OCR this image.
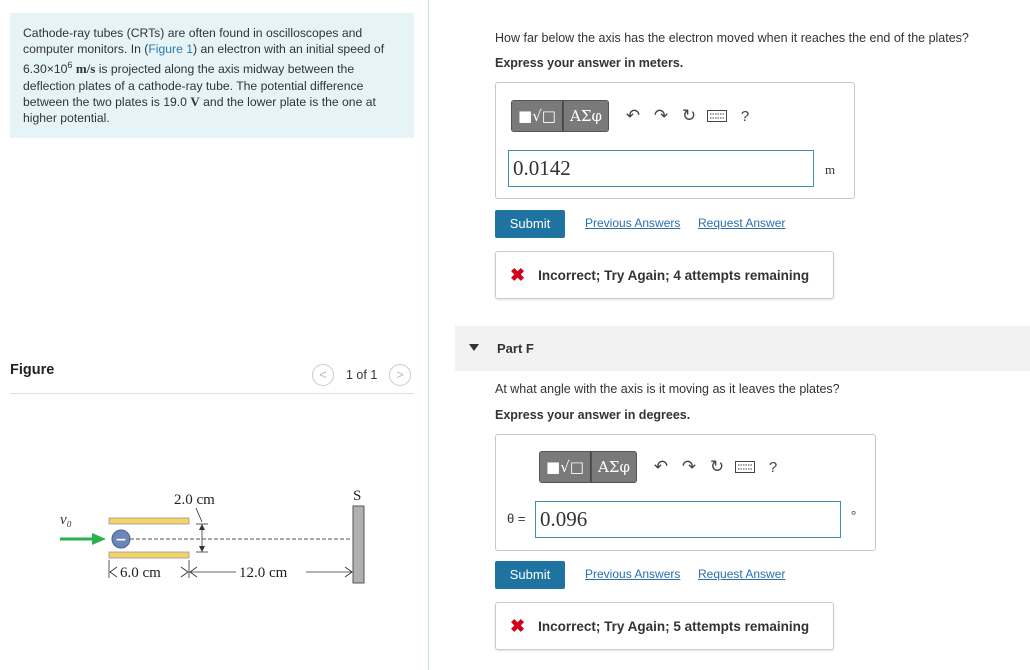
Cathode-ray tubes (CRTs) are often found in oscilloscopes and computer monitors. In (Figure 1) an electron with an initial speed of $6.30\times 10^6$ m/s is projected along the axis midway between the deflection plates of a cathode-ray tube. The potential difference between the two plates is 19.0 V and the lower plate is the one at higher potential.
Figure	<	1 of 1	>
v₀
−
2.0 cm	S
6.0 cm	12.0 cm
How far below the axis has the electron moved when it reaches the end of the plates?
Express your answer in meters.
■√□ ΑΣφ	↶ ↷ ↻	?
0.0142	m
Submit	Previous Answers Request Answer
✖ Incorrect; Try Again; 4 attempts remaining
Part F
At what angle with the axis is it moving as it leaves the plates?
Express your answer in degrees.
■√□ ΑΣφ	↶ ↷ ↻	?
θ = 0.096	°
Submit	Previous Answers Request Answer
✖ Incorrect; Try Again; 5 attempts remaining
